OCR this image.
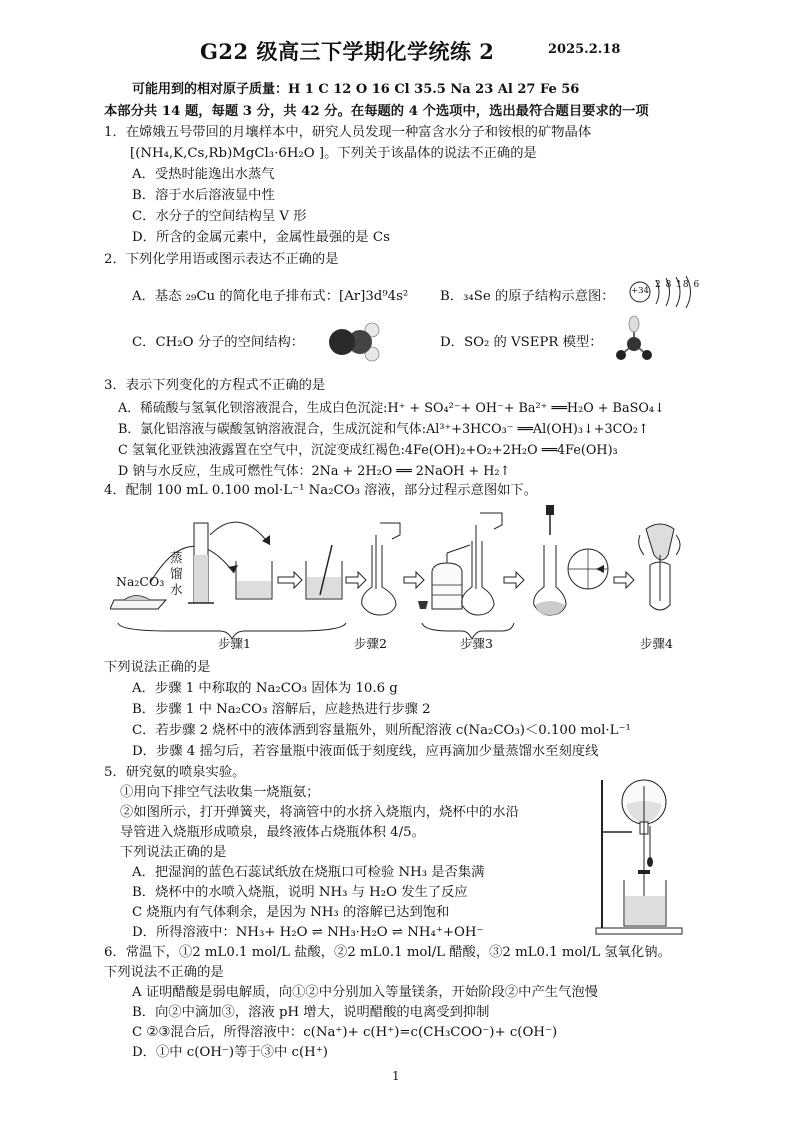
G22 级高三下学期化学统练 2	2025.2.18
可能用到的相对原子质量：H 1 C 12 O 16 Cl 35.5 Na 23 Al 27 Fe 56
本部分共 14 题，每题 3 分，共 42 分。在每题的 4 个选项中，选出最符合题目要求的一项
1．在嫦娥五号带回的月壤样本中，研究人员发现一种富含水分子和铵根的矿物晶体
[(NH₄,K,Cs,Rb)MgCl₃·6H₂O ]。下列关于该晶体的说法不正确的是
A．受热时能逸出水蒸气
B．溶于水后溶液显中性
C．水分子的空间结构呈 V 形
D．所含的金属元素中，金属性最强的是 Cs
2．下列化学用语或图示表达不正确的是
A．基态 ₂₉Cu 的简化电子排布式：[Ar]3d⁹4s² B．₃₄Se 的原子结构示意图： +34
2 8 18 6
C．CH₂O 分子的空间结构：	D．SO₂ 的 VSEPR 模型：
3．表示下列变化的方程式不正确的是
A．稀硫酸与氢氧化钡溶液混合，生成白色沉淀:H⁺ + SO₄²⁻+ OH⁻+ Ba²⁺ ══H₂O + BaSO₄↓
B．氯化铝溶液与碳酸氢钠溶液混合，生成沉淀和气体:Al³⁺+3HCO₃⁻ ══Al(OH)₃↓+3CO₂↑
C 氢氧化亚铁浊液露置在空气中，沉淀变成红褐色:4Fe(OH)₂+O₂+2H₂O ══4Fe(OH)₃
D 钠与水反应，生成可燃性气体：2Na + 2H₂O ══ 2NaOH + H₂↑
4．配制 100 mL 0.100 mol·L⁻¹ Na₂CO₃ 溶液，部分过程示意图如下。
Na₂CO₃
蒸
馏
水
步骤1	步骤2	步骤3	步骤4
下列说法正确的是
A．步骤 1 中称取的 Na₂CO₃ 固体为 10.6 g
B．步骤 1 中 Na₂CO₃ 溶解后，应趁热进行步骤 2
C．若步骤 2 烧杯中的液体洒到容量瓶外，则所配溶液 c(Na₂CO₃)＜0.100 mol·L⁻¹
D．步骤 4 摇匀后，若容量瓶中液面低于刻度线，应再滴加少量蒸馏水至刻度线
5．研究氨的喷泉实验。
①用向下排空气法收集一烧瓶氨；
②如图所示，打开弹簧夹，将滴管中的水挤入烧瓶内，烧杯中的水沿
导管进入烧瓶形成喷泉，最终液体占烧瓶体积 4/5。
下列说法正确的是
A．把湿润的蓝色石蕊试纸放在烧瓶口可检验 NH₃ 是否集满
B．烧杯中的水喷入烧瓶，说明 NH₃ 与 H₂O 发生了反应
C 烧瓶内有气体剩余，是因为 NH₃ 的溶解已达到饱和
D．所得溶液中：NH₃+ H₂O ⇌ NH₃·H₂O ⇌ NH₄⁺+OH⁻
6．常温下，①2 mL0.1 mol/L 盐酸，②2 mL0.1 mol/L 醋酸，③2 mL0.1 mol/L 氢氧化钠。
下列说法不正确的是
A 证明醋酸是弱电解质，向①②中分别加入等量镁条，开始阶段②中产生气泡慢
B．向②中滴加③，溶液 pH 增大，说明醋酸的电离受到抑制
C ②③混合后，所得溶液中：c(Na⁺)+ c(H⁺)=c(CH₃COO⁻)+ c(OH⁻)
D．①中 c(OH⁻)等于③中 c(H⁺)
1
